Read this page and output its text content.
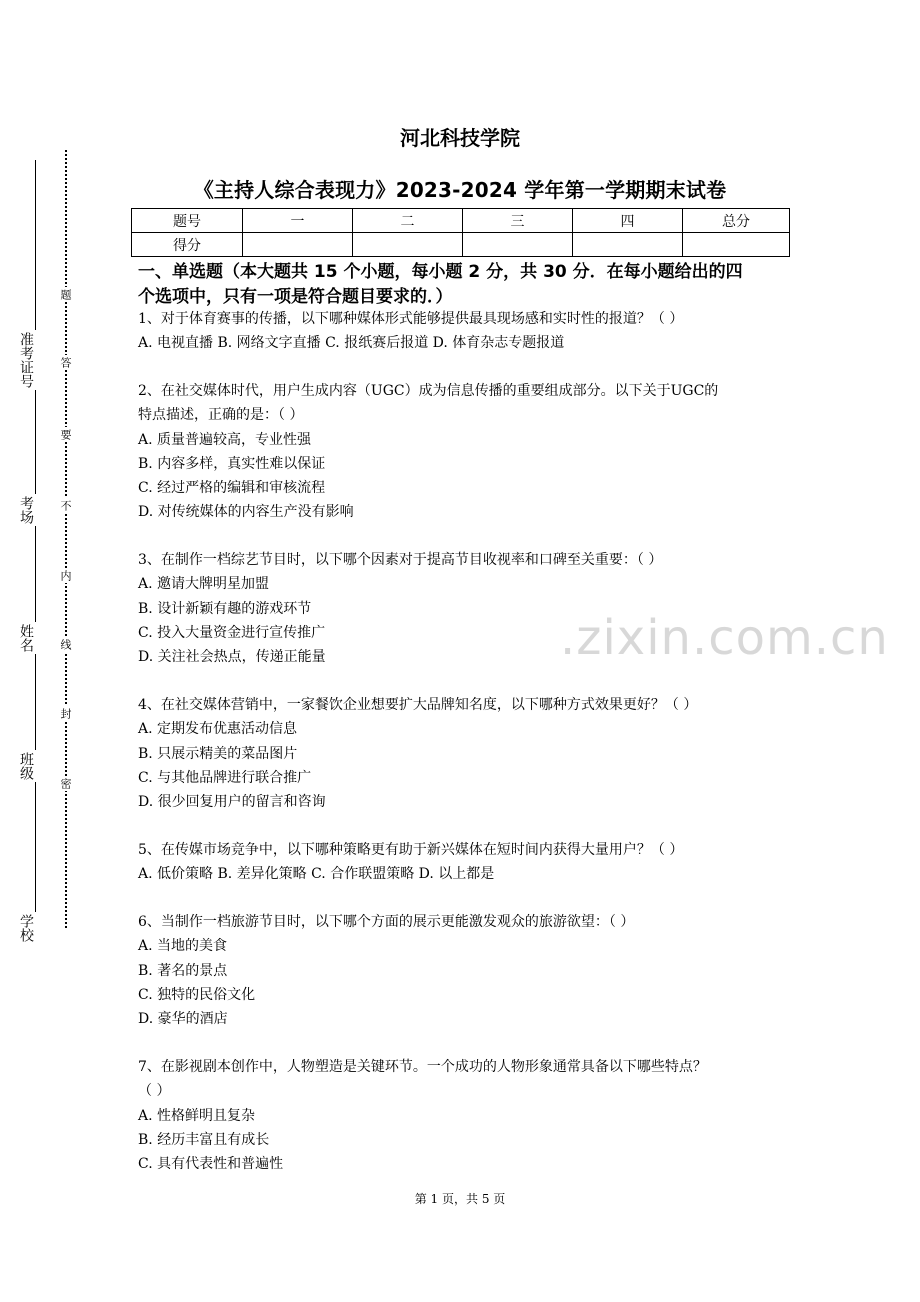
准考证号
考场
姓名
班级
学校
题
答
要
不
内
线
封
密
河北科技学院
《主持人综合表现力》2023-2024 学年第一学期期末试卷
题号	一	二	三	四	总分
得分					
一、单选题（本大题共 15 个小题，每小题 2 分，共 30 分．在每小题给出的四
个选项中，只有一项是符合题目要求的．）
1、对于体育赛事的传播，以下哪种媒体形式能够提供最具现场感和实时性的报道？（ ）
A. 电视直播 B. 网络文字直播 C. 报纸赛后报道 D. 体育杂志专题报道
2、在社交媒体时代，用户生成内容（UGC）成为信息传播的重要组成部分。以下关于UGC的
特点描述，正确的是：（ ）
A. 质量普遍较高，专业性强
B. 内容多样，真实性难以保证
C. 经过严格的编辑和审核流程
D. 对传统媒体的内容生产没有影响
3、在制作一档综艺节目时，以下哪个因素对于提高节目收视率和口碑至关重要：（ ）
A. 邀请大牌明星加盟
B. 设计新颖有趣的游戏环节
C. 投入大量资金进行宣传推广
D. 关注社会热点，传递正能量
4、在社交媒体营销中，一家餐饮企业想要扩大品牌知名度，以下哪种方式效果更好？（ ）
A. 定期发布优惠活动信息
B. 只展示精美的菜品图片
C. 与其他品牌进行联合推广
D. 很少回复用户的留言和咨询
5、在传媒市场竞争中，以下哪种策略更有助于新兴媒体在短时间内获得大量用户？（ ）
A. 低价策略 B. 差异化策略 C. 合作联盟策略 D. 以上都是
6、当制作一档旅游节目时，以下哪个方面的展示更能激发观众的旅游欲望：（ ）
A. 当地的美食
B. 著名的景点
C. 独特的民俗文化
D. 豪华的酒店
7、在影视剧本创作中，人物塑造是关键环节。一个成功的人物形象通常具备以下哪些特点？
（ ）
A. 性格鲜明且复杂
B. 经历丰富且有成长
C. 具有代表性和普遍性
.zixin.com.cn
第 1 页，共 5 页
